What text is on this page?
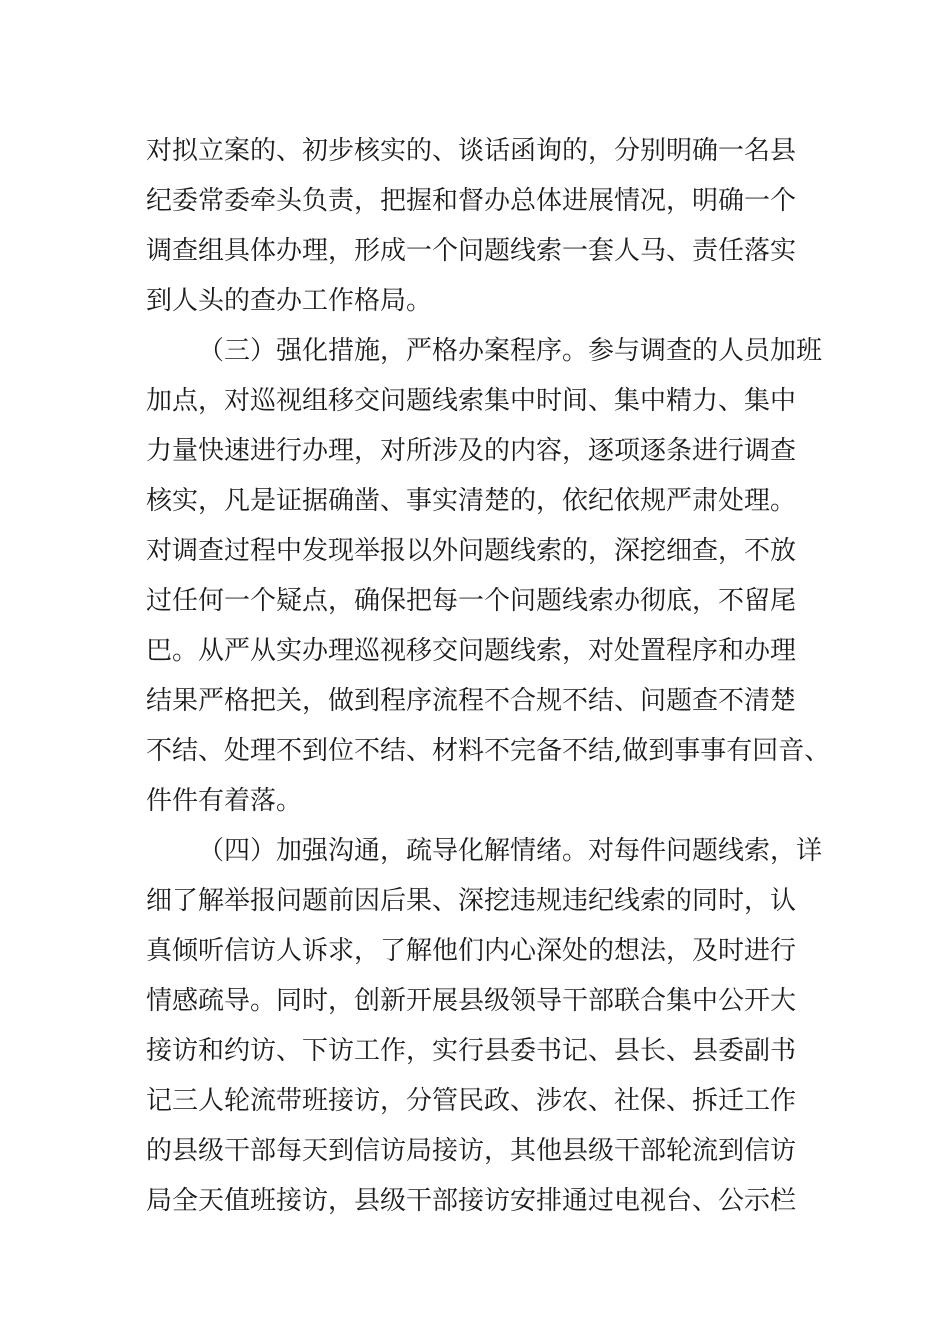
对拟立案的、初步核实的、谈话函询的，分别明确一名县
纪委常委牵头负责，把握和督办总体进展情况，明确一个
调查组具体办理，形成一个问题线索一套人马、责任落实
到人头的查办工作格局。
（三）强化措施，严格办案程序。参与调查的人员加班
加点，对巡视组移交问题线索集中时间、集中精力、集中
力量快速进行办理，对所涉及的内容，逐项逐条进行调查
核实，凡是证据确凿、事实清楚的，依纪依规严肃处理。
对调查过程中发现举报以外问题线索的，深挖细查，不放
过任何一个疑点，确保把每一个问题线索办彻底，不留尾
巴。从严从实办理巡视移交问题线索，对处置程序和办理
结果严格把关，做到程序流程不合规不结、问题查不清楚
不结、处理不到位不结、材料不完备不结,做到事事有回音、
件件有着落。
（四）加强沟通，疏导化解情绪。对每件问题线索，详
细了解举报问题前因后果、深挖违规违纪线索的同时，认
真倾听信访人诉求，了解他们内心深处的想法，及时进行
情感疏导。同时，创新开展县级领导干部联合集中公开大
接访和约访、下访工作，实行县委书记、县长、县委副书
记三人轮流带班接访，分管民政、涉农、社保、拆迁工作
的县级干部每天到信访局接访，其他县级干部轮流到信访
局全天值班接访，县级干部接访安排通过电视台、公示栏
